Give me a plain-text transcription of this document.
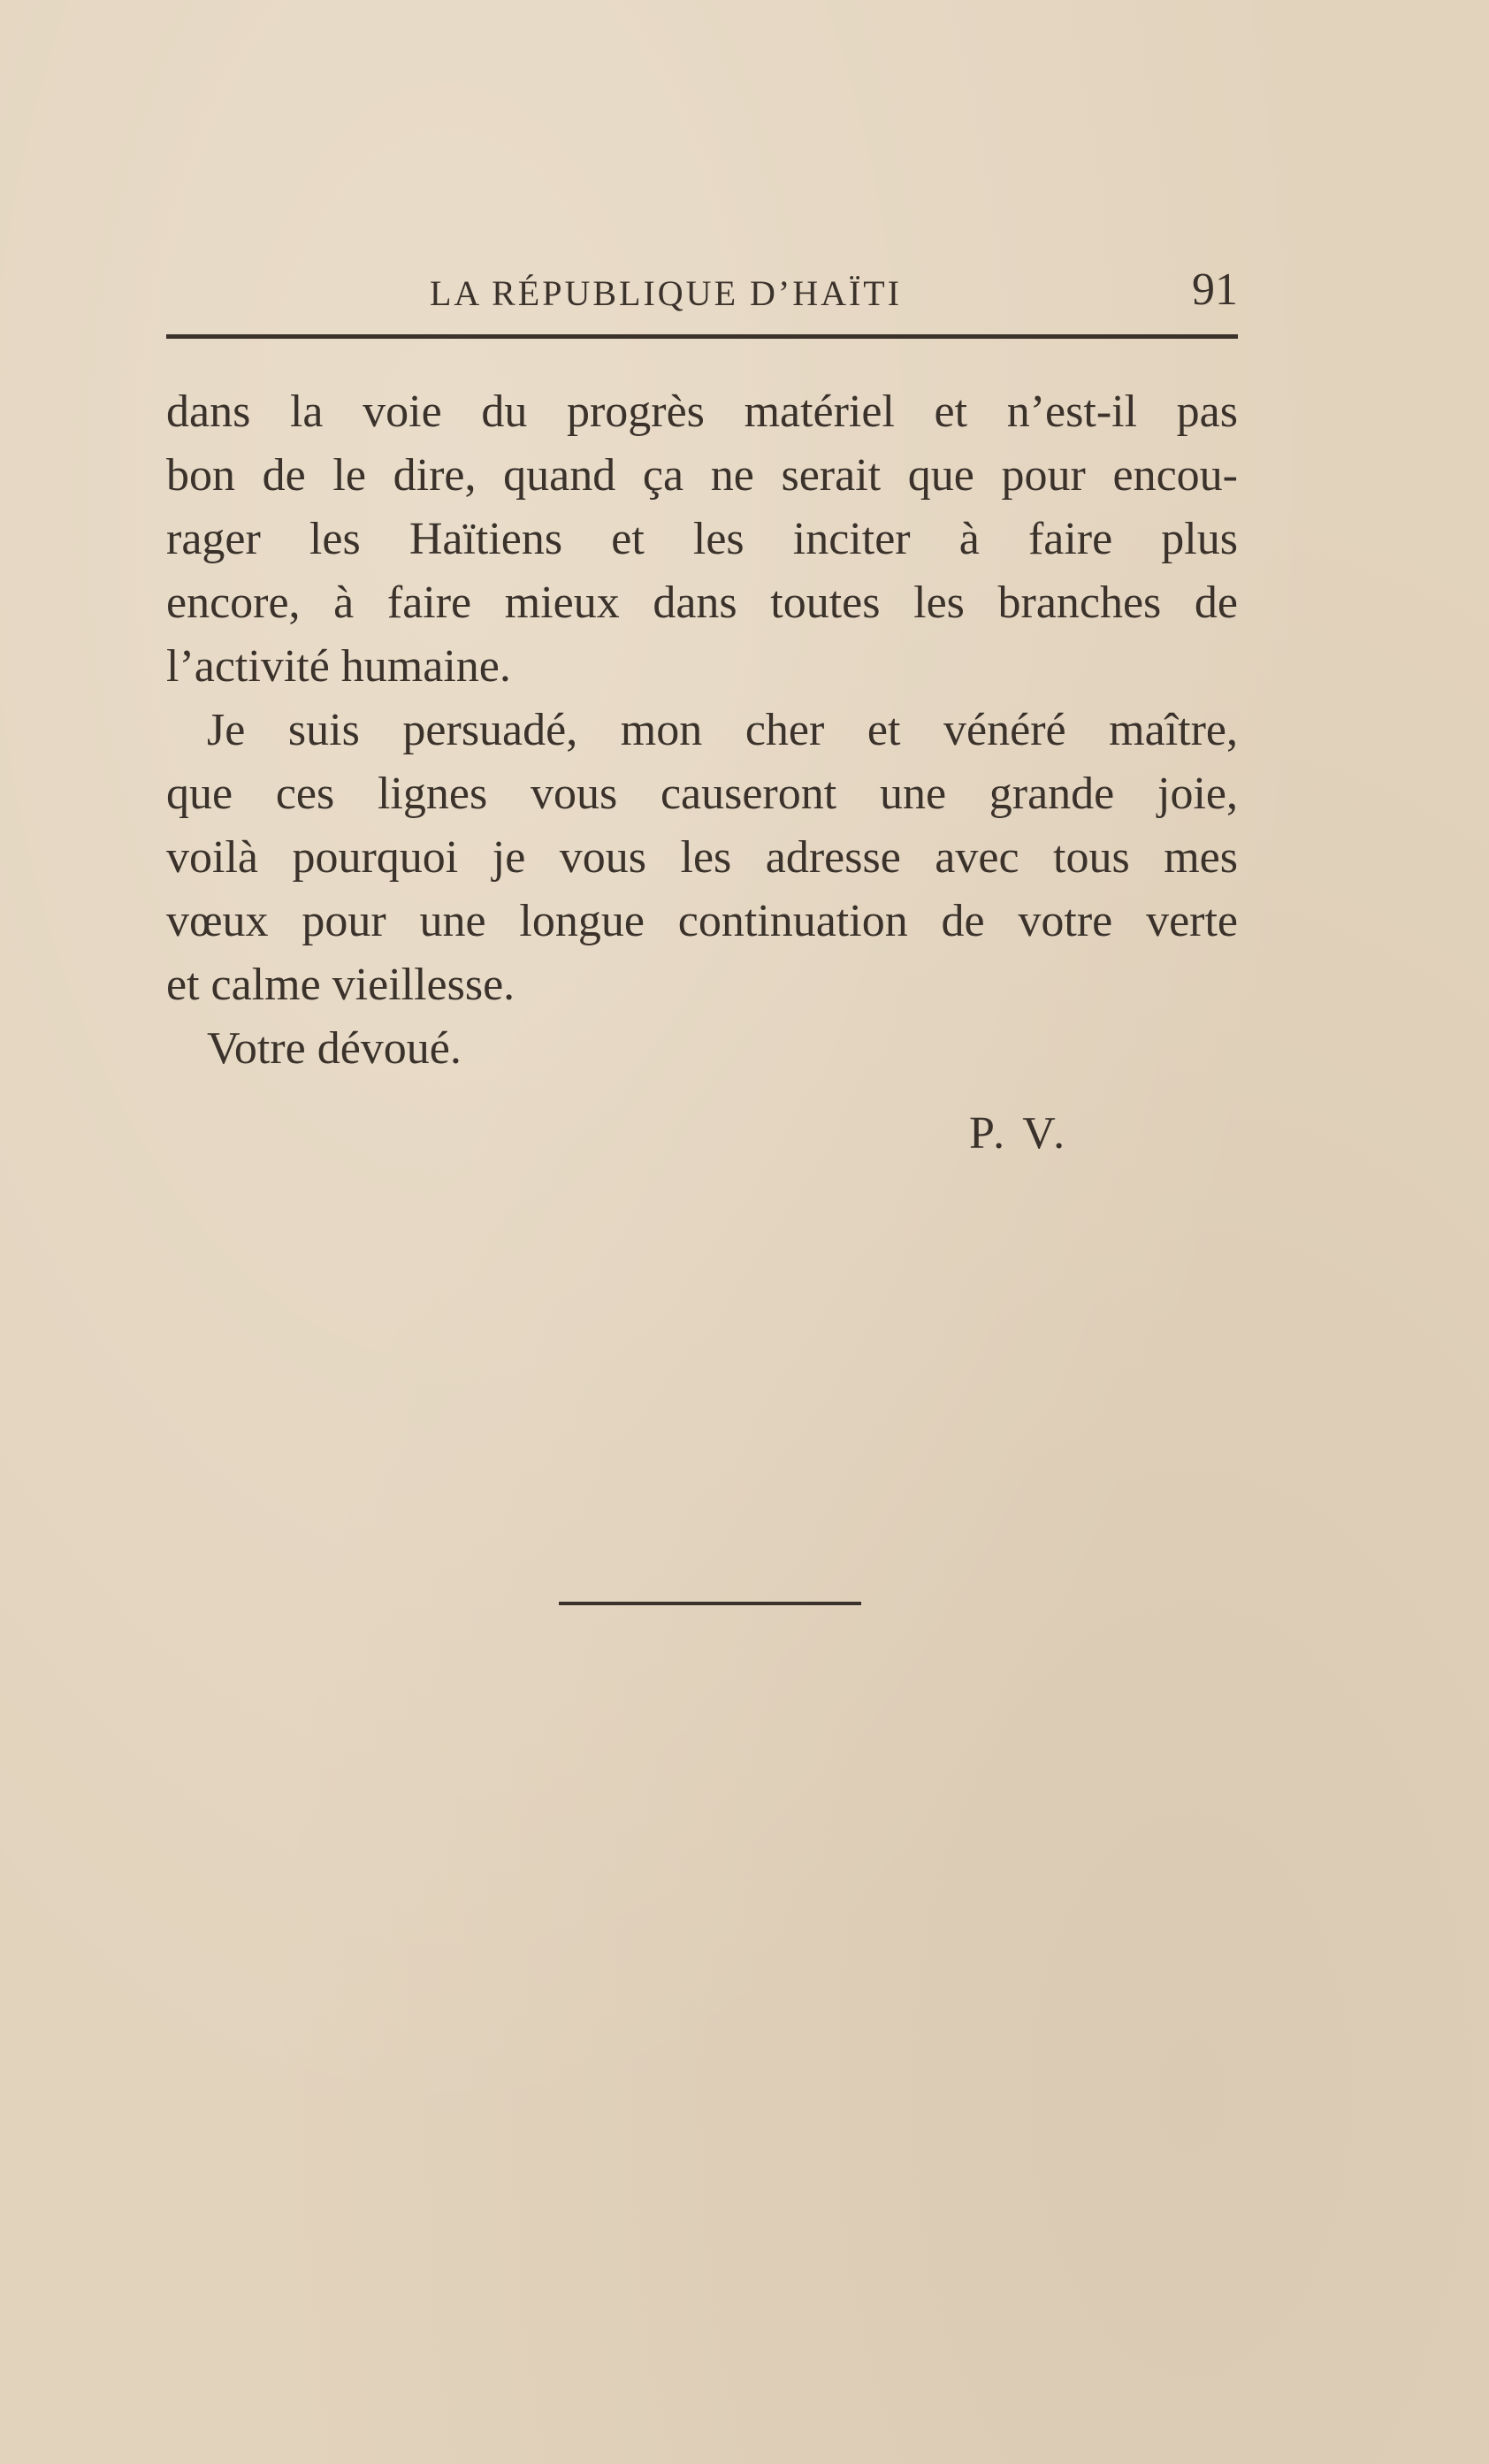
LA RÉPUBLIQUE D’HAÏTI	91
dans la voie du progrès matériel et n’est-il pas
bon de le dire, quand ça ne serait que pour encou-
rager les Haïtiens et les inciter à faire plus
encore, à faire mieux dans toutes les branches de
l’activité humaine.
Je suis persuadé, mon cher et vénéré maître,
que ces lignes vous causeront une grande joie,
voilà pourquoi je vous les adresse avec tous mes
vœux pour une longue continuation de votre verte
et calme vieillesse.
Votre dévoué.
P. V.
